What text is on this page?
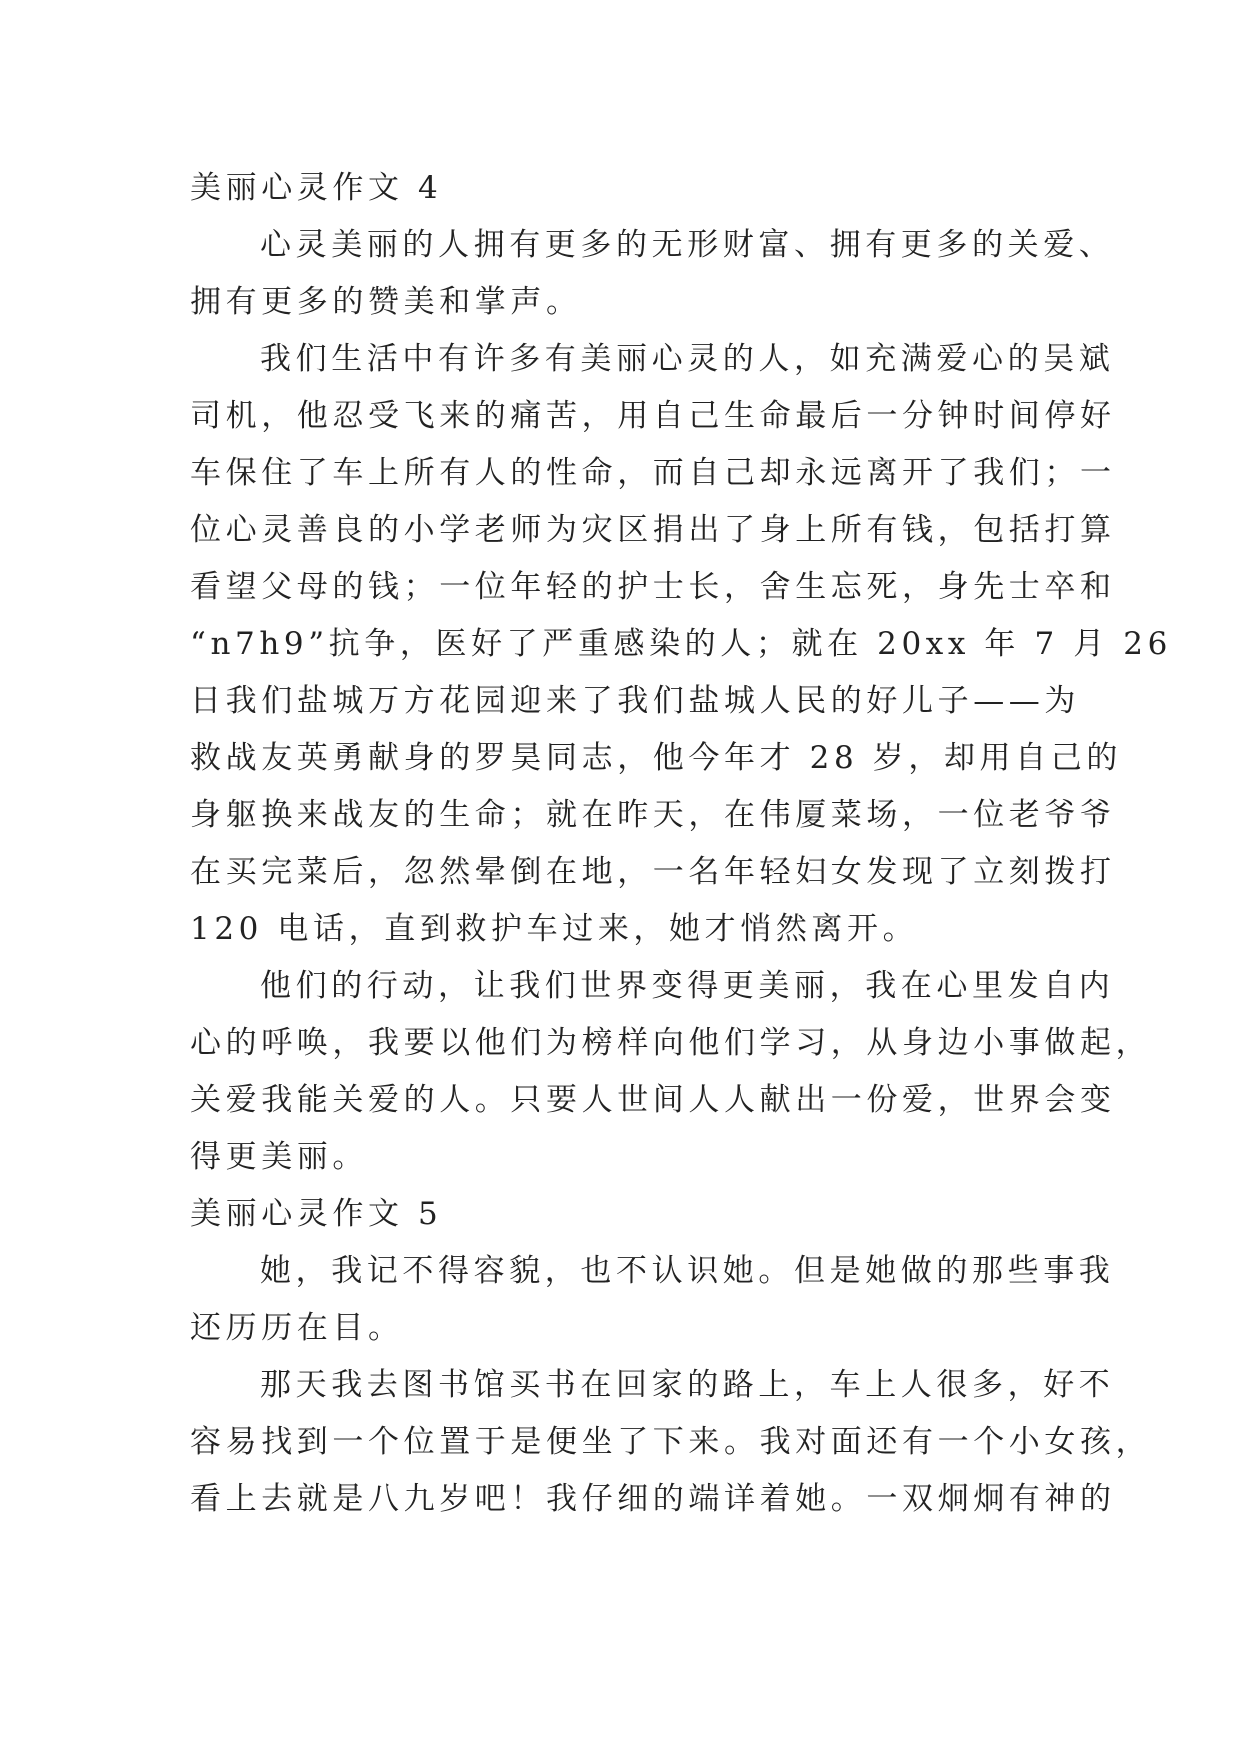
美丽心灵作文 4
心灵美丽的人拥有更多的无形财富、拥有更多的关爱、
拥有更多的赞美和掌声。
我们生活中有许多有美丽心灵的人，如充满爱心的吴斌
司机，他忍受飞来的痛苦，用自己生命最后一分钟时间停好
车保住了车上所有人的性命，而自己却永远离开了我们；一
位心灵善良的小学老师为灾区捐出了身上所有钱，包括打算
看望父母的钱；一位年轻的护士长，舍生忘死，身先士卒和
“n7h9”抗争，医好了严重感染的人；就在 20xx 年 7 月 26
日我们盐城万方花园迎来了我们盐城人民的好儿子——为
救战友英勇献身的罗昊同志，他今年才 28 岁，却用自己的
身躯换来战友的生命；就在昨天，在伟厦菜场，一位老爷爷
在买完菜后，忽然晕倒在地，一名年轻妇女发现了立刻拨打
120 电话，直到救护车过来，她才悄然离开。
他们的行动，让我们世界变得更美丽，我在心里发自内
心的呼唤，我要以他们为榜样向他们学习，从身边小事做起，
关爱我能关爱的人。只要人世间人人献出一份爱，世界会变
得更美丽。
美丽心灵作文 5
她，我记不得容貌，也不认识她。但是她做的那些事我
还历历在目。
那天我去图书馆买书在回家的路上，车上人很多，好不
容易找到一个位置于是便坐了下来。我对面还有一个小女孩，
看上去就是八九岁吧！我仔细的端详着她。一双炯炯有神的
